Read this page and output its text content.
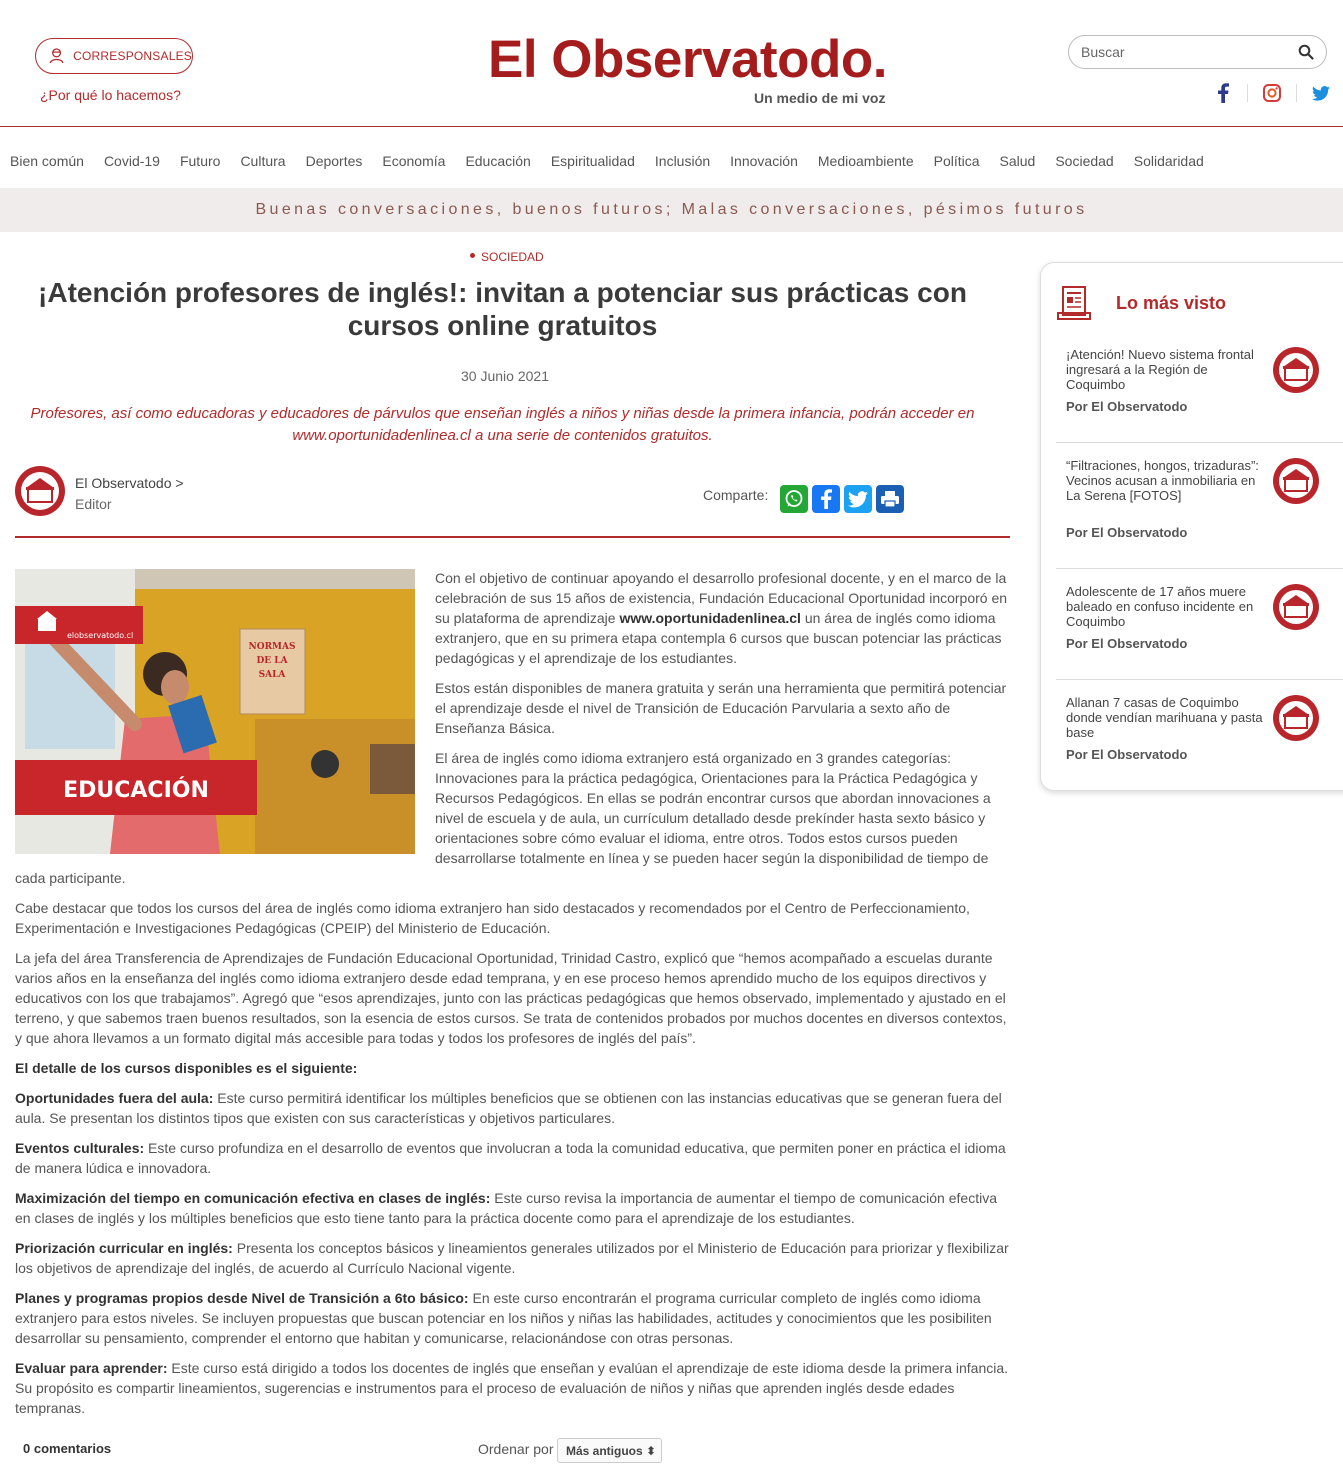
CORRESPONSALES
¿Por qué lo hacemos?
El Observatodo.
Un medio de mi voz
Buscar
Bien común Covid-19 Futuro Cultura Deportes Economía Educación Espiritualidad Inclusión Innovación Medioambiente Política Salud Sociedad Solidaridad
Buenas conversaciones, buenos futuros; Malas conversaciones, pésimos futuros
SOCIEDAD
¡Atención profesores de inglés!: invitan a potenciar sus prácticas con cursos online gratuitos
30 Junio 2021
Profesores, así como educadoras y educadores de párvulos que enseñan inglés a niños y niñas desde la primera infancia, podrán acceder en www.oportunidadenlinea.cl a una serie de contenidos gratuitos.
El Observatodo >
Editor
Comparte:
NORMAS
DE LA
SALA
elobservatodo.cl
EDUCACIÓN

Con el objetivo de continuar apoyando el desarrollo profesional docente, y en el marco de la celebración de sus 15 años de existencia, Fundación Educacional Oportunidad incorporó en su plataforma de aprendizaje www.oportunidadenlinea.cl un área de inglés como idioma extranjero, que en su primera etapa contempla 6 cursos que buscan potenciar las prácticas pedagógicas y el aprendizaje de los estudiantes.

Estos están disponibles de manera gratuita y serán una herramienta que permitirá potenciar el aprendizaje desde el nivel de Transición de Educación Parvularia a sexto año de Enseñanza Básica.

El área de inglés como idioma extranjero está organizado en 3 grandes categorías: Innovaciones para la práctica pedagógica, Orientaciones para la Práctica Pedagógica y Recursos Pedagógicos. En ellas se podrán encontrar cursos que abordan innovaciones a nivel de escuela y de aula, un currículum detallado desde prekínder hasta sexto básico y orientaciones sobre cómo evaluar el idioma, entre otros. Todos estos cursos pueden desarrollarse totalmente en línea y se pueden hacer según la disponibilidad de tiempo de cada participante.

Cabe destacar que todos los cursos del área de inglés como idioma extranjero han sido destacados y recomendados por el Centro de Perfeccionamiento, Experimentación e Investigaciones Pedagógicas (CPEIP) del Ministerio de Educación.

La jefa del área Transferencia de Aprendizajes de Fundación Educacional Oportunidad, Trinidad Castro, explicó que “hemos acompañado a escuelas durante varios años en la enseñanza del inglés como idioma extranjero desde edad temprana, y en ese proceso hemos aprendido mucho de los equipos directivos y educativos con los que trabajamos”. Agregó que “esos aprendizajes, junto con las prácticas pedagógicas que hemos observado, implementado y ajustado en el terreno, y que sabemos traen buenos resultados, son la esencia de estos cursos. Se trata de contenidos probados por muchos docentes en diversos contextos, y que ahora llevamos a un formato digital más accesible para todas y todos los profesores de inglés del país”.

El detalle de los cursos disponibles es el siguiente:

Oportunidades fuera del aula: Este curso permitirá identificar los múltiples beneficios que se obtienen con las instancias educativas que se generan fuera del aula. Se presentan los distintos tipos que existen con sus características y objetivos particulares.

Eventos culturales: Este curso profundiza en el desarrollo de eventos que involucran a toda la comunidad educativa, que permiten poner en práctica el idioma de manera lúdica e innovadora.

Maximización del tiempo en comunicación efectiva en clases de inglés: Este curso revisa la importancia de aumentar el tiempo de comunicación efectiva en clases de inglés y los múltiples beneficios que esto tiene tanto para la práctica docente como para el aprendizaje de los estudiantes.

Priorización curricular en inglés: Presenta los conceptos básicos y lineamientos generales utilizados por el Ministerio de Educación para priorizar y flexibilizar los objetivos de aprendizaje del inglés, de acuerdo al Currículo Nacional vigente.

Planes y programas propios desde Nivel de Transición a 6to básico: En este curso encontrarán el programa curricular completo de inglés como idioma extranjero para estos niveles. Se incluyen propuestas que buscan potenciar en los niños y niñas las habilidades, actitudes y conocimientos que les posibiliten desarrollar su pensamiento, comprender el entorno que habitan y comunicarse, relacionándose con otras personas.

Evaluar para aprender: Este curso está dirigido a todos los docentes de inglés que enseñan y evalúan el aprendizaje de este idioma desde la primera infancia. Su propósito es compartir lineamientos, sugerencias e instrumentos para el proceso de evaluación de niños y niñas que aprenden inglés desde edades tempranas.

0 comentarios	Ordenar por	Más antiguos ⬍
Lo más visto
¡Atención! Nuevo sistema frontal ingresará a la Región de Coquimbo
Por El Observatodo
“Filtraciones, hongos, trizaduras”: Vecinos acusan a inmobiliaria en La Serena [FOTOS]
Por El Observatodo
Adolescente de 17 años muere baleado en confuso incidente en Coquimbo
Por El Observatodo
Allanan 7 casas de Coquimbo donde vendían marihuana y pasta base
Por El Observatodo
